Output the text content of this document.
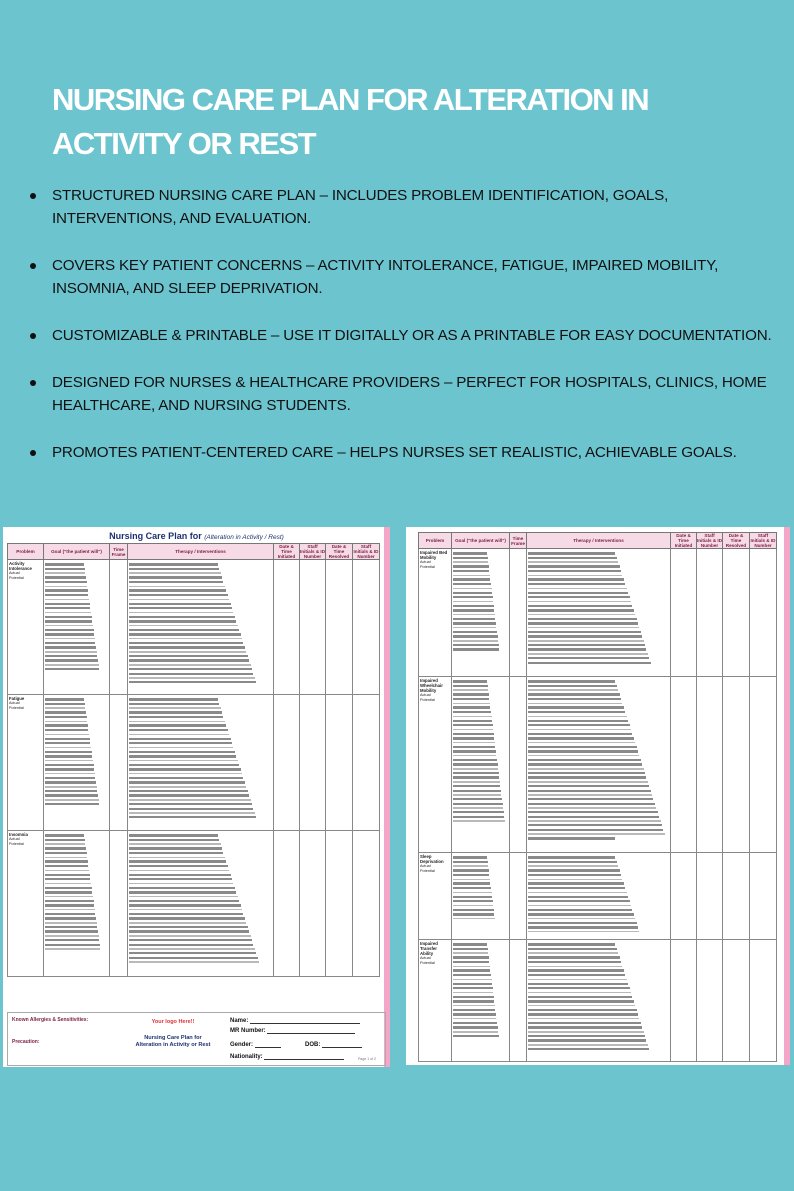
NURSING CARE PLAN FOR ALTERATION IN
ACTIVITY OR REST
STRUCTURED NURSING CARE PLAN – INCLUDES PROBLEM IDENTIFICATION, GOALS, INTERVENTIONS, AND EVALUATION.
COVERS KEY PATIENT CONCERNS – ACTIVITY INTOLERANCE, FATIGUE, IMPAIRED MOBILITY, INSOMNIA, AND SLEEP DEPRIVATION.
CUSTOMIZABLE & PRINTABLE – USE IT DIGITALLY OR AS A PRINTABLE FOR EASY DOCUMENTATION.
DESIGNED FOR NURSES & HEALTHCARE PROVIDERS – PERFECT FOR HOSPITALS, CLINICS, HOME HEALTHCARE, AND NURSING STUDENTS.
PROMOTES PATIENT-CENTERED CARE – HELPS NURSES SET REALISTIC, ACHIEVABLE GOALS.
Nursing Care Plan for (Alteration in Activity / Rest)
Problem	Goal ("the patient will")	Time Frame	Therapy / Interventions	Date & Time Initiated	Staff Initials & ID Number	Date & Time Resolved	Staff Initials & ID Number

Activity Intolerance
Actual
Potential							

Fatigue
Actual
Potential							

Insomnia
Actual
Potential							

Known Allergies & Sensitivities:
Precaution:
Your logo Here!!
Nursing Care Plan for
Alteration in Activity or Rest
Name:
MR Number:
Gender:	DOB:
Nationality:	Page 1 of 2
Problem	Goal ("the patient will")	Time Frame	Therapy / Interventions	Date & Time Initiated	Staff Initials & ID Number	Date & Time Resolved	Staff Initials & ID Number

Impaired Bed Mobility
Actual
Potential							

Impaired Wheelchair Mobility
Actual
Potential							

Sleep Deprivation
Actual
Potential							

Impaired Transfer Ability
Actual
Potential							
